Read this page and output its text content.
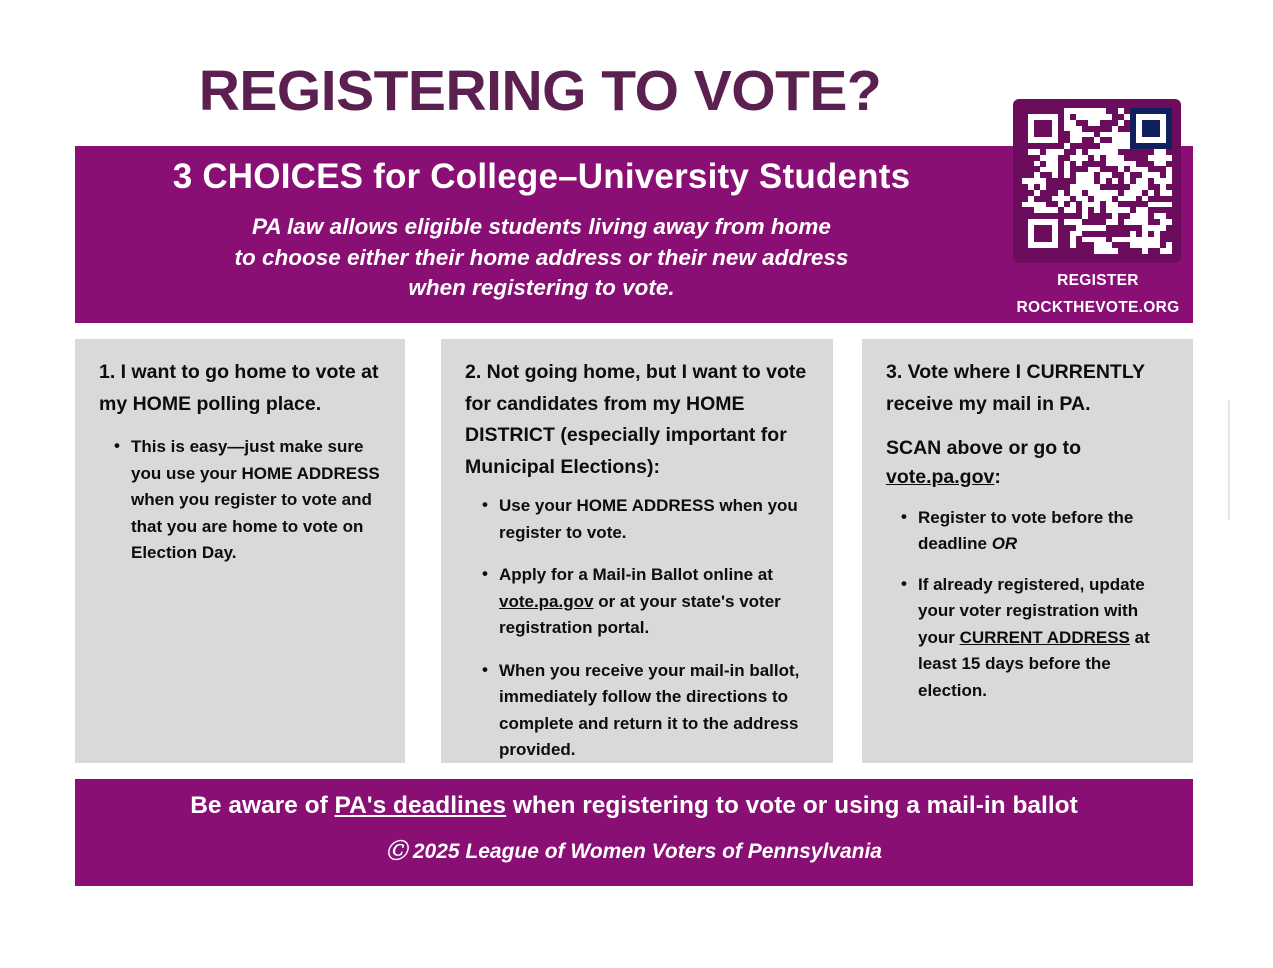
REGISTERING TO VOTE?
3 CHOICES for College–University Students
PA law allows eligible students living away from home
to choose either their home address or their new address
when registering to vote.	REGISTER
ROCKTHEVOTE.ORG

1. I want to go home to vote at my HOME polling place.

• This is easy—just make sure you use your HOME ADDRESS when you register to vote and that you are home to vote on Election Day.

2. Not going home, but I want to vote for candidates from my HOME DISTRICT (especially important for Municipal Elections):

• Use your HOME ADDRESS when you register to vote.
• Apply for a Mail-in Ballot online at vote.pa.gov or at your state's voter registration portal.
• When you receive your mail-in ballot, immediately follow the directions to complete and return it to the address provided.

3. Vote where I CURRENTLY receive my mail in PA.

SCAN above or go to vote.pa.gov:

• Register to vote before the deadline OR
• If already registered, update your voter registration with your CURRENT ADDRESS at least 15 days before the election.
Be aware of PA's deadlines when registering to vote or using a mail-in ballot
Ⓒ 2025 League of Women Voters of Pennsylvania
